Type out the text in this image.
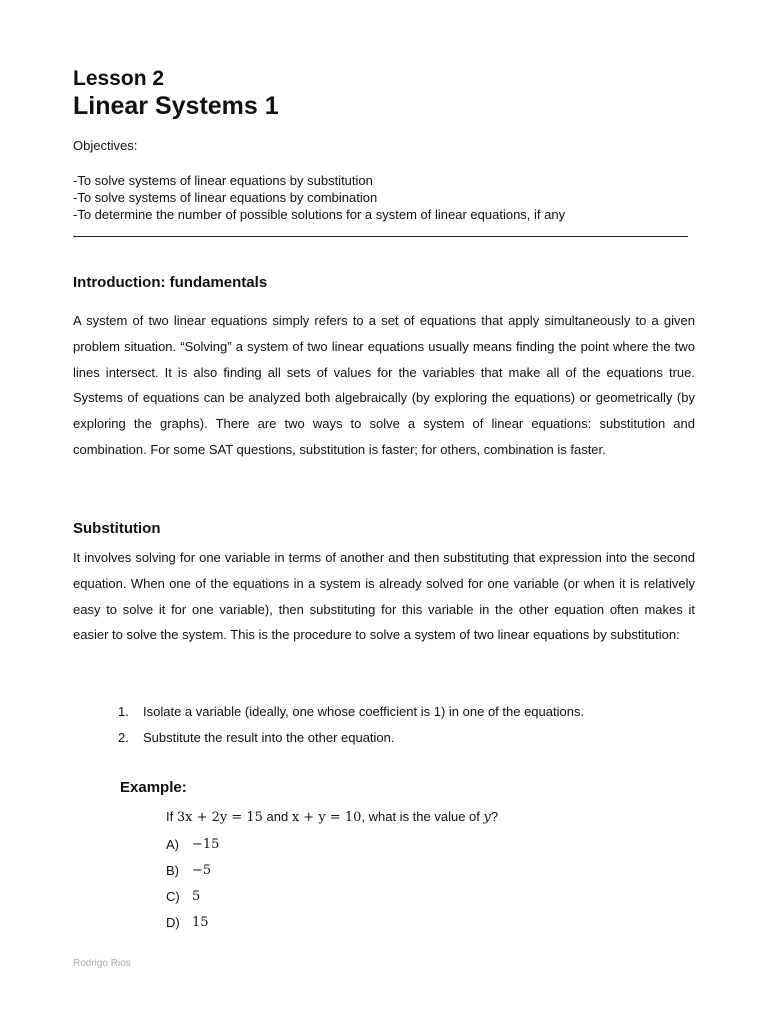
Lesson 2
Linear Systems 1
Objectives:
-To solve systems of linear equations by substitution
-To solve systems of linear equations by combination
-To determine the number of possible solutions for a system of linear equations, if any
Introduction: fundamentals

A system of two linear equations simply refers to a set of equations that apply simultaneously to a given problem situation. “Solving” a system of two linear equations usually means finding the point where the two lines intersect. It is also finding all sets of values for the variables that make all of the equations true. Systems of equations can be analyzed both algebraically (by exploring the equations) or geometrically (by exploring the graphs). There are two ways to solve a system of linear equations: substitution and combination. For some SAT questions, substitution is faster; for others, combination is faster.

Substitution

It involves solving for one variable in terms of another and then substituting that expression into the second equation. When one of the equations in a system is already solved for one variable (or when it is relatively easy to solve it for one variable), then substituting for this variable in the other equation often makes it easier to solve the system. This is the procedure to solve a system of two linear equations by substitution:

1.	Isolate a variable (ideally, one whose coefficient is 1) in one of the equations.
2.	Substitute the result into the other equation.
Example:
If 3x + 2y = 15 and x + y = 10, what is the value of y?
A)	−15
B)	−5
C) 5
D) 15
Rodrigo Rios
